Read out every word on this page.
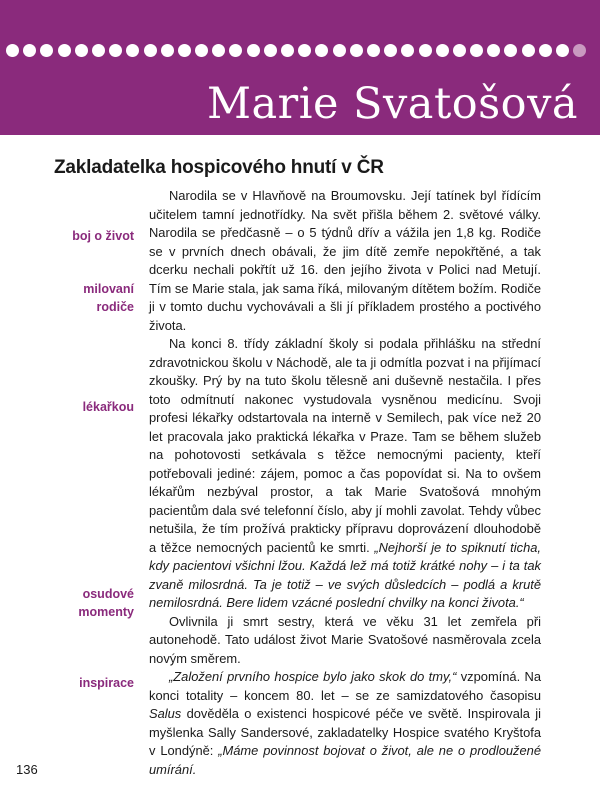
Marie Svatošová
Zakladatelka hospicového hnutí v ČR
boj o život
milovaní
rodiče
lékařkou
osudové
momenty
inspirace

Narodila se v Hlavňově na Broumovsku. Její tatínek byl řídícím učitelem tamní jednotřídky. Na svět přišla během 2. světové války. Narodila se předčasně – o 5 týdnů dřív a vážila jen 1,8 kg. Rodiče se v prvních dnech obávali, že jim dítě zemře nepokřtěné, a tak dcerku nechali pokřtít už 16. den jejího života v Polici nad Metují. Tím se Marie stala, jak sama říká, milovaným dítětem božím. Rodiče ji v tomto duchu vychovávali a šli jí příkladem prostého a poctivého života.

Na konci 8. třídy základní školy si podala přihlášku na střední zdravotnickou školu v Náchodě, ale ta ji odmítla pozvat i na přijímací zkoušky. Prý by na tuto školu tělesně ani duševně nestačila. I přes toto odmítnutí nakonec vystudovala vysněnou medicínu. Svoji profesi lékařky odstartovala na interně v Semilech, pak více než 20 let pracovala jako praktická lékařka v Praze. Tam se během služeb na pohotovosti setkávala s těžce nemocnými pacienty, kteří potřebovali jediné: zájem, pomoc a čas popovídat si. Na to ovšem lékařům nezbýval prostor, a tak Marie Svatošová mnohým pacientům dala své telefonní číslo, aby jí mohli zavolat. Tehdy vůbec netušila, že tím prožívá prakticky přípravu doprovázení dlouhodobě a těžce nemocných pacientů ke smrti. „Nejhorší je to spiknutí ticha, kdy pacientovi všichni lžou. Každá lež má totiž krátké nohy – i ta tak zvaně milosrdná. Ta je totiž – ve svých důsledcích – podlá a krutě nemilosrdná. Bere lidem vzácné poslední chvilky na konci života.“

Ovlivnila ji smrt sestry, která ve věku 31 let zemřela při autonehodě. Tato událost život Marie Svatošové nasměrovala zcela novým směrem.

„Založení prvního hospice bylo jako skok do tmy,“ vzpomíná. Na konci totality – koncem 80. let – se ze samizdatového časopisu Salus dověděla o existenci hospicové péče ve světě. Inspirovala ji myšlenka Sally Sandersové, zakladatelky Hospice svatého Kryštofa v Londýně: „Máme povinnost bojovat o život, ale ne o prodloužené umírání.

136
